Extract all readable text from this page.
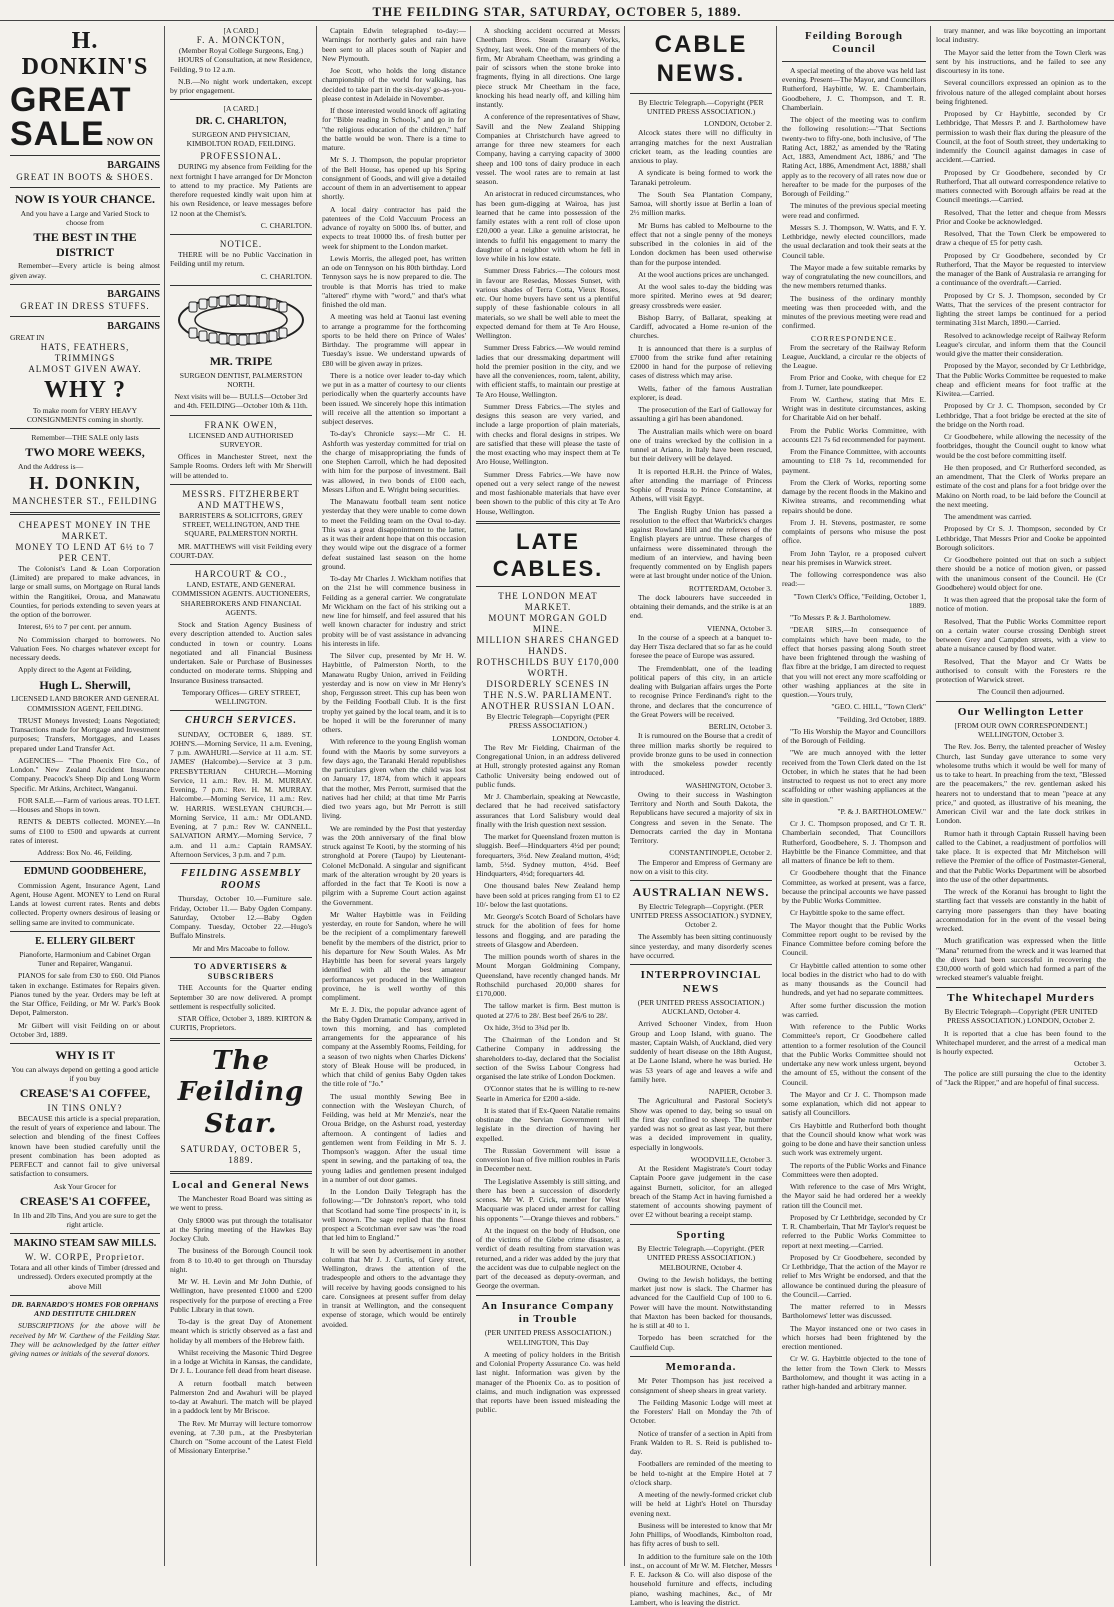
THE FEILDING STAR, SATURDAY, OCTOBER 5, 1889.
H. DONKIN'S
GREAT SALE NOW ON
BARGAINS
GREAT IN BOOTS & SHOES.
NOW IS YOUR CHANCE.

And you have a Large and Varied Stock to choose from

THE BEST IN THE DISTRICT

Remember—Every article is being almost given away.

BARGAINS
GREAT IN DRESS STUFFS.
BARGAINS
GREAT IN
HATS, FEATHERS, TRIMMINGS
ALMOST GIVEN AWAY.
WHY ?

To make room for VERY HEAVY CONSIGNMENTS coming in shortly.

Remember—THE SALE only lasts

TWO MORE WEEKS,

And the Address is—

H. DONKIN,
MANCHESTER ST., FEILDING
CHEAPEST MONEY IN THE MARKET.
MONEY TO LEND AT 6½ to 7 PER CENT.

The Colonist's Land & Loan Corporation (Limited) are prepared to make advances, in large or small sums, on Mortgage on Rural lands within the Rangitikei, Oroua, and Manawatu Counties, for periods extending to seven years at the option of the borrower.

Interest, 6½ to 7 per cent. per annum.

No Commission charged to borrowers. No Valuation Fees. No charges whatever except for necessary deeds.

Apply direct to the Agent at Feilding,

Hugh L. Sherwill,

LICENSED LAND BROKER AND GENERAL COMMISSION AGENT, FEILDING.

TRUST Moneys Invested; Loans Negotiated; Transactions made for Mortgage and Investment purposes; Transfers, Mortgages, and Leases prepared under Land Transfer Act.

AGENCIES— "The Phoenix Fire Co., of London." New Zealand Accident Insurance Company. Peacock's Sheep Dip and Long Worm Specific. Mr Atkins, Architect, Wanganui.

FOR SALE.—Farm of various areas. TO LET.—Houses and Shops in town.

RENTS & DEBTS collected. MONEY.—In sums of £100 to £500 and upwards at current rates of interest.

Address: Box No. 46, Feilding.

EDMUND GOODBEHERE,

Commission Agent, Insurance Agent, Land Agent, House Agent. MONEY to Lend on Rural Lands at lowest current rates. Rents and debts collected. Property owners desirous of leasing or selling same are invited to communicate.

E. ELLERY GILBERT

Pianoforte, Harmonium and Cabinet Organ Tuner and Repairer, Wanganui.

PIANOS for sale from £30 to £60. Old Pianos taken in exchange. Estimates for Repairs given. Pianos tuned by the year. Orders may be left at the Star Office, Feilding, or Mr W. Park's Book Depot, Palmerston.

Mr Gilbert will visit Feilding on or about October 3rd, 1889.

WHY IS IT

You can always depend on getting a good article if you buy

CREASE'S A1 COFFEE,
IN TINS ONLY?

BECAUSE this article is a special preparation, the result of years of experience and labour. The selection and blending of the finest Coffees known have been studied carefully until the present combination has been adopted as PERFECT and cannot fail to give universal satisfaction to consumers.

Ask Your Grocer for

CREASE'S A1 COFFEE,

In 1lb and 2lb Tins, And you are sure to get the right article.

MAKINO STEAM SAW MILLS.
W. W. CORPE, Proprietor.

Totara and all other kinds of Timber (dressed and undressed). Orders executed promptly at the above Mill

DR. BARNARDO'S HOMES FOR ORPHANS AND DESTITUTE CHILDREN

SUBSCRIPTIONS for the above will be received by Mr W. Carthew of the Feilding Star. They will be acknowledged by the latter either giving names or initials of the several donors.

[A CARD.]
F. A. MONCKTON,
(Member Royal College Surgeons, Eng.)

HOURS of Consultation, at new Residence, Feilding, 9 to 12 a.m.

N.B.—No night work undertaken, except by prior engagement.

[A CARD.]
DR. C. CHARLTON,

SURGEON AND PHYSICIAN, KIMBOLTON ROAD, FEILDING.

PROFESSIONAL.

DURING my absence from Feilding for the next fortnight I have arranged for Dr Moncton to attend to my practice. My Patients are therefore requested kindly wait upon him at his own Residence, or leave messages before 12 noon at the Chemist's.

C. CHARLTON.
NOTICE.

THERE will be no Public Vaccination in Feilding until my return.

C. CHARLTON.
MR. TRIPE

SURGEON DENTIST, PALMERSTON NORTH.

Next visits will be— BULLS—October 3rd and 4th. FEILDING—October 10th & 11th.

FRANK OWEN,

LICENSED AND AUTHORISED SURVEYOR.

Offices in Manchester Street, next the Sample Rooms. Orders left with Mr Sherwill will be attended to.

MESSRS. FITZHERBERT AND MATTHEWS,

BARRISTERS & SOLICITORS, GREY STREET, WELLINGTON, AND THE SQUARE, PALMERSTON NORTH.

MR. MATTHEWS will visit Feilding every COURT-DAY.

HARCOURT & CO.,

LAND, ESTATE, AND GENERAL COMMISSION AGENTS. AUCTIONEERS, SHAREBROKERS AND FINANCIAL AGENTS.

Stock and Station Agency Business of every description attended to. Auction sales conducted in town or country. Loans negotiated and all Financial Business undertaken. Sale or Purchase of Businesses conducted on moderate terms. Shipping and Insurance Business transacted.

Temporary Offices— GREY STREET, WELLINGTON.

CHURCH SERVICES.

SUNDAY, OCTOBER 6, 1889. ST. JOHN'S.—Morning Service, 11 a.m. Evening, 7 p.m. AWAHURI.—Service at 11 a.m. ST. JAMES' (Halcombe).—Service at 3 p.m. PRESBYTERIAN CHURCH.—Morning Service, 11 a.m.: Rev. H. M. MURRAY. Evening, 7 p.m.: Rev. H. M. MURRAY. Halcombe.—Morning Service, 11 a.m.: Rev. W. HARRIS. WESLEYAN CHURCH.—Morning Service, 11 a.m.: Mr ODLAND. Evening, at 7 p.m.: Rev W. CANNELL. SALVATION ARMY.—Morning Service, 7 a.m. and 11 a.m.: Captain RAMSAY. Afternoon Services, 3 p.m. and 7 p.m.

FEILDING ASSEMBLY ROOMS

Thursday, October 10.—Furniture sale. Friday, October 11.— Baby Ogden Company. Saturday, October 12.—Baby Ogden Company. Tuesday, October 22.—Hugo's Buffalo Minstrels.

Mr and Mrs Macoabe to follow.

TO ADVERTISERS & SUBSCRIBERS

THE Accounts for the Quarter ending September 30 are now delivered. A prompt settlement is respectfully solicited.

STAR Office, October 3, 1889. KIRTON & CURTIS, Proprietors.

The Feilding Star.
SATURDAY, OCTOBER 5, 1889.
Local and General News

The Manchester Road Board was sitting as we went to press.

Only £8000 was put through the totalisator at the Spring meeting of the Hawkes Bay Jockey Club.

The business of the Borough Council took from 8 to 10.40 to get through on Thursday night.

Mr W. H. Levin and Mr John Duthie, of Wellington, have presented £1000 and £200 respectively for the purpose of erecting a Free Public Library in that town.

To-day is the great Day of Atonement meant which is strictly observed as a fast and holiday by all members of the Hebrew faith.

Whilst receiving the Masonic Third Degree in a lodge at Wichita in Kansas, the candidate, Dr J. L. Lourance fell dead from heart disease.

A return football match between Palmerston 2nd and Awahuri will be played to-day at Awahuri. The match will be played in a paddock lent by Mr Briscoe.

The Rev. Mr Murray will lecture tomorrow evening, at 7.30 p.m., at the Presbyterian Church on "Some account of the Latest Field of Missionary Enterprise."

Captain Edwin telegraphed to-day:—Warnings for northerly gales and rain have been sent to all places south of Napier and New Plymouth.

Joe Scott, who holds the long distance championship of the world for walking, has decided to take part in the six-days' go-as-you-please contest in Adelaide in November.

If those interested would knock off agitating for "Bible reading in Schools," and go in for "the religious education of the children," half the battle would be won. There is a time to mature.

Mr S. J. Thompson, the popular proprietor of the Bell House, has opened up his Spring consignment of Goods, and will give a detailed account of them in an advertisement to appear shortly.

A local dairy contractor has paid the patentees of the Cold Vaccuum Process an advance of royalty on 5000 lbs. of butter, and expects to treat 10000 lbs. of fresh butter per week for shipment to the London market.

Lewis Morris, the alleged poet, has written an ode on Tennyson on his 80th birthday. Lord Tennyson says he is now prepared to die. The trouble is that Morris has tried to make "altered" rhyme with "word," and that's what finished the old man.

A meeting was held at Taonui last evening to arrange a programme for the forthcoming sports to be held there on Prince of Wales' Birthday. The programme will appear in Tuesday's issue. We understand upwards of £80 will be given away in prizes.

There is a notice over leader to-day which we put in as a matter of courtesy to our clients periodically when the quarterly accounts have been issued. We sincerely hope this intimation will receive all the attention so important a subject deserves.

To-day's Chronicle says:—Mr C. H. Ashforth was yesterday committed for trial on the charge of misappropriating the funds of one Stephen Carroll, which he had deposited with him for the purpose of investment. Bail was allowed, in two bonds of £100 each, Messrs Lifton and E. Wright being securities.

The Manawatu football team sent notice yesterday that they were unable to come down to meet the Feilding team on the Oval to-day. This was a great disappointment to the latter, as it was their ardent hope that on this occasion they would wipe out the disgrace of a former defeat sustained last season on the home ground.

To-day Mr Charles J. Wickham notifies that on the 21st he will commence business in Feilding as a general carrier. We congratulate Mr Wickham on the fact of his striking out a new line for himself, and feel assured that his well known character for industry and strict probity will be of vast assistance in advancing his interests in life.

The Silver cup, presented by Mr H. W. Haybittle, of Palmerston North, to the Manawatu Rugby Union, arrived in Feilding yesterday and is now on view in Mr Henry's shop, Fergusson street. This cup has been won by the Feilding Football Club. It is the first trophy yet gained by the local team, and it is to be hoped it will be the forerunner of many others.

With reference to the young English woman found with the Maoris by some surveyors a few days ago, the Taranaki Herald republishes the particulars given when the child was lost on January 17, 1874, from which it appears that the mother, Mrs Perrott, surmised that the natives had her child; at that time Mr Parris died two years ago, but Mr Perrott is still living.

We are reminded by the Post that yesterday was the 20th anniversary of the final blow struck against Te Kooti, by the storming of his stronghold at Porere (Taupo) by Lieutenant-Colonel McDonald. A singular and significant mark of the alteration wrought by 20 years is afforded in the fact that Te Kooti is now a pilgrim with a Supreme Court action against the Government.

Mr Walter Haybittle was in Feilding yesterday, en route for Sandon, where he will be the recipient of a complimentary farewell benefit by the members of the district, prior to his departure for New South Wales. As Mr Haybittle has been for several years largely identified with all the best amateur performances yet produced in the Wellington province, he is well worthy of this compliment.

Mr E. J. Dix, the popular advance agent of the Baby Ogden Dramatic Company, arrived in town this morning, and has completed arrangements for the appearance of his company at the Assembly Rooms, Feilding, for a season of two nights when Charles Dickens' story of Bleak House will be produced, in which that child of genius Baby Ogden takes the title role of "Jo."

The usual monthly Sewing Bee in connection with the Wesleyan Church, of Feilding, was held at Mr Menzie's, near the Oroua Bridge, on the Ashurst road, yesterday afternoon. A contingent of ladies and gentlemen went from Feilding in Mr S. J. Thompson's waggon. After the usual time spent in sewing, and the partaking of tea, the young ladies and gentlemen present indulged in a number of out door games.

In the London Daily Telegraph has the following:—"Dr Johnston's report, who told that Scotland had some 'fine prospects' in it, is well known. The sage replied that the finest prospect a Scotchman ever saw was 'the road that led him to England.'"

It will be seen by advertisement in another column that Mr J. J. Curtis, of Grey street, Wellington, draws the attention of the tradespeople and others to the advantage they will receive by having goods consigned to his care. Consignees at present suffer from delay in transit at Wellington, and the consequent expense of storage, which would be entirely avoided.

A shocking accident occurred at Messrs Cheetham Bros. Steam Granary Works, Sydney, last week. One of the members of the firm, Mr Abraham Cheetham, was grinding a pair of scissors when the stone broke into fragments, flying in all directions. One large piece struck Mr Cheetham in the face, knocking his head nearly off, and killing him instantly.

A conference of the representatives of Shaw, Savill and the New Zealand Shipping Companies at Christchurch have agreed to arrange for three new steamers for each Company, having a carrying capacity of 3000 sheep and 100 tons of dairy produce in each vessel. The wool rates are to remain at last season.

An aristocrat in reduced circumstances, who has been gum-digging at Wairoa, has just learned that he came into possession of the family estates with a rent roll of close upon £20,000 a year. Like a genuine aristocrat, he intends to fulfil his engagement to marry the daughter of a neighbor with whom he fell in love while in his low estate.

Summer Dress Fabrics.—The colours most in favour are Resedas, Mosses Sunset, with various shades of Terra Cotta, Vieux Roses, etc. Our home buyers have sent us a plentiful supply of these fashionable colours in all materials, so we shall be well able to meet the expected demand for them at Te Aro House, Wellington.

Summer Dress Fabrics.—We would remind ladies that our dressmaking department will hold the premier position in the city, and we have all the conveniences, room, talent, ability, with efficient staffs, to maintain our prestige at Te Aro House, Wellington.

Summer Dress Fabrics.—The styles and designs this season are very varied, and include a large proportion of plain materials, with checks and floral designs in stripes. We are satisfied that these will please the taste of the most exacting who may inspect them at Te Aro House, Wellington.

Summer Dress Fabrics.—We have now opened out a very select range of the newest and most fashionable materials that have ever been shown to the public of this city at Te Aro House, Wellington.

LATE CABLES.
THE LONDON MEAT MARKET.
MOUNT MORGAN GOLD MINE.
MILLION SHARES CHANGED HANDS.
ROTHSCHILDS BUY £170,000 WORTH.
DISORDERLY SCENES IN THE N.S.W. PARLIAMENT.
ANOTHER RUSSIAN LOAN.

By Electric Telegraph—Copyright (PER PRESS ASSOCIATION.)

LONDON, October 4.

The Rev Mr Fielding, Chairman of the Congregational Union, in an address delivered at Hull, strongly protested against any Roman Catholic University being endowed out of public funds.

Mr J. Chamberlain, speaking at Newcastle, declared that he had received satisfactory assurances that Lord Salisbury would deal finally with the Irish question next session.

The market for Queensland frozen mutton is sluggish. Beef—Hindquarters 4½d per pound; forequarters, 3½d. New Zealand mutton, 4½d; lamb, 5½d. Sydney mutton, 4½d. Beef Hindquarters, 4½d; forequarters 4d.

One thousand bales New Zealand hemp have been sold at prices ranging from £1 to £2 10/- below the last quotations.

Mr. George's Scotch Board of Scholars have struck for the abolition of fees for home lessons and flogging, and are parading the streets of Glasgow and Aberdeen.

The million pounds worth of shares in the Mount Morgan Goldmining Company, Queensland, have recently changed hands. Mr Rothschild purchased 20,000 shares for £170,000.

The tallow market is firm. Best mutton is quoted at 27/6 to 28/. Best beef 26/6 to 28/.

Ox hide, 3½d to 3¾d per lb.

The Chairman of the London and St Catherine Company in addressing the shareholders to-day, declared that the Socialist section of the Swiss Labour Congress had organised the late strike of London Dockmen.

O'Connor states that he is willing to re-new Searle in America for £200 a-side.

It is stated that if Ex-Queen Natalie remains obstinate the Servian Government will legislate in the direction of having her expelled.

The Russian Government will issue a conversion loan of five million roubles in Paris in December next.

The Legislative Assembly is still sitting, and there has been a succession of disorderly scenes. Mr W. P. Crick, member for West Macquarie was placed under arrest for calling his opponents "—Orange thieves and robbers."

At the inquest on the body of Hudson, one of the victims of the Glebe crime disaster, a verdict of death resulting from starvation was returned, and a rider was added by the jury that the accident was due to culpable neglect on the part of the deceased as deputy-overman, and George the overman.

An Insurance Company in Trouble

(PER UNITED PRESS ASSOCIATION.) WELLINGTON, This Day

A meeting of policy holders in the British and Colonial Property Assurance Co. was held last night. Information was given by the manager of the Phoenix Co. as to position of claims, and much indignation was expressed that reports have been issued misleading the public.

CABLE NEWS.

By Electric Telegraph.—Copyright (PER UNITED PRESS ASSOCIATION.)

LONDON, October 2.

Alcock states there will no difficulty in arranging matches for the next Australian cricket team, as the leading counties are anxious to play.

A syndicate is being formed to work the Taranaki petroleum.

The South Sea Plantation Company, Samoa, will shortly issue at Berlin a loan of 2½ million marks.

Mr Burns has cabled to Melbourne to the effect that not a single penny of the moneys subscribed in the colonies in aid of the London dockmen has been used otherwise than for the purpose intended.

At the wool auctions prices are unchanged.

At the wool sales to-day the bidding was more spirited. Merino ewes at 9d dearer; greasy crossbreds were easier.

Bishop Barry, of Ballarat, speaking at Cardiff, advocated a Home re-union of the churches.

It is announced that there is a surplus of £7000 from the strike fund after retaining £2000 in hand for the purpose of relieving cases of distress which may arise.

Wells, father of the famous Australian explorer, is dead.

The prosecution of the Earl of Galloway for assaulting a girl has been abandoned.

The Australian mails which were on board one of trains wrecked by the collision in a tunnel at Ariano, in Italy have been rescued, but their delivery will be delayed.

It is reported H.R.H. the Prince of Wales, after attending the marriage of Princess Sophie of Prussia to Prince Constantine, at Athens, will visit Egypt.

The English Rugby Union has passed a resolution to the effect that Warbrick's charges against Rowland Hill and the referees of the English players are untrue. These charges of unfairness were disseminated through the medium of an interview, and having been frequently commented on by English papers were at last brought under notice of the Union.

ROTTERDAM, October 3.

The dock labourers have succeeded in obtaining their demands, and the strike is at an end.

VIENNA, October 3.

In the course of a speech at a banquet to-day Herr Tisza declared that so far as he could foresee the peace of Europe was assured.

The Fremdenblatt, one of the leading political papers of this city, in an article dealing with Bulgarian affairs urges the Porte to recognise Prince Ferdinand's right to the throne, and declares that the concurrence of the Great Powers will be received.

BERLIN, October 3.

It is rumoured on the Bourse that a credit of three million marks shortly be required to provide bronze guns to be used in connection with the smokeless powder recently introduced.

WASHINGTON, October 3.

Owing to their success in Washington Territory and North and South Dakota, the Republicans have secured a majority of six in Congress and seven in the Senate. The Democrats carried the day in Montana Territory.

CONSTANTINOPLE, October 2.

The Emperor and Empress of Germany are now on a visit to this city.

AUSTRALIAN NEWS.

By Electric Telegraph—Copyright. (PER UNITED PRESS ASSOCIATION.) SYDNEY, October 2.

The Assembly has been sitting continuously since yesterday, and many disorderly scenes have occurred.

INTERPROVINCIAL NEWS

(PER UNITED PRESS ASSOCIATION.) AUCKLAND, October 4.

Arrived Schooner Vindex, from Huon Group and Loop Island, with guano. The master, Captain Walsh, of Auckland, died very suddenly of heart disease on the 18th August, at De Laone Island, where he was buried. He was 53 years of age and leaves a wife and family here.

NAPIER, October 3.

The Agricultural and Pastoral Society's Show was opened to day, being so usual on the first day confined to sheep. The number yarded was not so great as last year, but there was a decided improvement in quality, especially in longwools.

WOODVILLE, October 3.

At the Resident Magistrate's Court today Captain Poore gave judgement in the case against Burnett, solicitor, for an alleged breach of the Stamp Act in having furnished a statement of accounts showing payment of over £2 without bearing a receipt stamp.

Sporting

By Electric Telegraph.—Copyright. (PER UNITED PRESS ASSOCIATION.) MELBOURNE, October 4.

Owing to the Jewish holidays, the betting market just now is slack. The Charmer has advanced for the Caulfield Cup of 100 to 6. Power will have the mount. Notwithstanding that Maxton has been backed for thousands, he is still at 40 to 1.

Torpedo has been scratched for the Caulfield Cup.

Memoranda.

Mr Peter Thompson has just received a consignment of sheep shears in great variety.

The Feilding Masonic Lodge will meet at the Foresters' Hall on Monday the 7th of October.

Notice of transfer of a section in Apiti from Frank Walden to R. S. Reid is published to-day.

Footballers are reminded of the meeting to be held to-night at the Empire Hotel at 7 o'clock sharp.

A meeting of the newly-formed cricket club will be held at Light's Hotel on Thursday evening next.

Business will be interested to know that Mr John Phillips, of Woodlands, Kimbolton road, has fifty acres of bush to sell.

In addition to the furniture sale on the 10th inst., on account of Mr W. M. Fletcher, Messrs F. E. Jackson & Co. will also dispose of the household furniture and effects, including piano, washing machines, &c., of Mr Lambert, who is leaving the district.

Feilding Borough Council

A special meeting of the above was held last evening. Present—The Mayor, and Councillors Rutherford, Haybittle, W. E. Chamberlain, Goodbehere, J. C. Thompson, and T. R. Chamberlain.

The object of the meeting was to confirm the following resolution:—"That Sections twenty-two to fifty-one, both inclusive, of 'The Rating Act, 1882,' as amended by the 'Rating Act, 1883, Amendment Act, 1886,' and 'The Rating Act, 1886, Amendment Act, 1888,' shall apply as to the recovery of all rates now due or hereafter to be made for the purposes of the Borough of Feilding."

The minutes of the previous special meeting were read and confirmed.

Messrs S. J. Thompson, W. Watts, and F. Y. Lethbridge, newly elected councillors, made the usual declaration and took their seats at the Council table.

The Mayor made a few suitable remarks by way of congratulating the new councillors, and the new members returned thanks.

The business of the ordinary monthly meeting was then proceeded with, and the minutes of the previous meeting were read and confirmed.

CORRESPONDENCE.

From the secretary of the Railway Reform League, Auckland, a circular re the objects of the League.

From Prior and Cooke, with cheque for £2 from J. Turner, late poundkeeper.

From W. Carthew, stating that Mrs E. Wright was in destitute circumstances, asking for Charitable Aid on her behalf.

From the Public Works Committee, with accounts £21 7s 6d recommended for payment.

From the Finance Committee, with accounts amounting to £18 7s 1d, recommended for payment.

From the Clerk of Works, reporting some damage by the recent floods in the Makino and Kiwitea streams, and recommending what repairs should be done.

From J. H. Stevens, postmaster, re some complaints of persons who misuse the post office.

From John Taylor, re a proposed culvert near his premises in Warwick street.

The following correspondence was also read:—

"Town Clerk's Office, "Feilding, October 1, 1889.

"To Messrs P. & J. Bartholomew.

"DEAR SIRS,—In consequence of complaints which have been made, to the effect that horses passing along South street have been frightened through the washing of flax fibre at the bridge, I am directed to request that you will not erect any more scaffolding or other washing appliances at the site in question.—Yours truly,

"GEO. C. HILL, "Town Clerk"

"Feilding, 3rd October, 1889.

"To His Worship the Mayor and Councillors of the Borough of Feilding.

"We are much annoyed with the letter received from the Town Clerk dated on the 1st October, in which he states that he had been instructed to request us not to erect any more scaffolding or other washing appliances at the site in question."

"P. & J. BARTHOLOMEW."

Cr J. C. Thompson proposed, and Cr T. R. Chamberlain seconded, That Councillors Rutherford, Goodbehere, S. J. Thompson and Haybittle be the Finance Committee, and that all matters of finance be left to them.

Cr Goodbehere thought that the Finance Committee, as worked at present, was a farce, because the principal accounts we have passed by the Public Works Committee.

Cr Haybittle spoke to the same effect.

The Mayor thought that the Public Works Committee report ought to be revised by the Finance Committee before coming before the Council.

Cr Haybittle called attention to some other local bodies in the district who had to do with as many thousands as the Council had hundreds, and yet had no separate committees.

After some further discussion the motion was carried.

With reference to the Public Works Committee's report, Cr Goodbehere called attention to a former resolution of the Council that the Public Works Committee should not undertake any new work unless urgent, beyond the amount of £5, without the consent of the Council.

The Mayor and Cr J. C. Thompson made some explanation, which did not appear to satisfy all Councillors.

Crs Haybittle and Rutherford both thought that the Council should know what work was going to be done and have their sanction unless such work was extremely urgent.

The reports of the Public Works and Finance Committees were then adopted.

With reference to the case of Mrs Wright, the Mayor said he had ordered her a weekly ration till the Council met.

Proposed by Cr Lethbridge, seconded by Cr T. R. Chamberlain, That Mr Taylor's request be referred to the Public Works Committee to report at next meeting.—Carried.

Proposed by Cr Goodbehere, seconded by Cr Lethbridge, That the action of the Mayor re relief to Mrs Wright be endorsed, and that the allowance be continued during the pleasure of the Council.—Carried.

The matter referred to in Messrs Bartholomews' letter was discussed.

The Mayor instanced one or two cases in which horses had been frightened by the erection mentioned.

Cr W. G. Haybittle objected to the tone of the letter from the Town Clerk to Messrs Bartholomew, and thought it was acting in a rather high-handed and arbitrary manner.

trary manner, and was like boycotting an important local industry.

The Mayor said the letter from the Town Clerk was sent by his instructions, and he failed to see any discourtesy in its tone.

Several councillors expressed an opinion as to the frivolous nature of the alleged complaint about horses being frightened.

Proposed by Cr Haybittle, seconded by Cr Lethbridge, That Messrs P. and J. Bartholomew have permission to wash their flax during the pleasure of the Council, at the foot of South street, they undertaking to indemnify the Council against damages in case of accident.—Carried.

Proposed by Cr Goodbehere, seconded by Cr Rutherford, That all outward correspondence relative to matters connected with Borough affairs be read at the Council meetings.—Carried.

Resolved, That the letter and cheque from Messrs Prior and Cooke be acknowledged.

Resolved, That the Town Clerk be empowered to draw a cheque of £5 for petty cash.

Proposed by Cr Goodbehere, seconded by Cr Rutherford, That the Mayor be requested to interview the manager of the Bank of Australasia re arranging for a continuance of the overdraft.—Carried.

Proposed by Cr S. J. Thompson, seconded by Cr Watts, That the services of the present contractor for lighting the street lamps be continued for a period terminating 31st March, 1890.—Carried.

Resolved to acknowledge receipt of Railway Reform League's circular, and inform them that the Council would give the matter their consideration.

Proposed by the Mayor, seconded by Cr Lethbridge, That the Public Works Committee be requested to make cheap and efficient means for foot traffic at the Kiwitea.—Carried.

Proposed by Cr J. C. Thompson, seconded by Cr Lethbridge, That a foot bridge be erected at the site of the bridge on the North road.

Cr Goodbehere, while allowing the necessity of the footbridges, thought the Council ought to know what would be the cost before committing itself.

He then proposed, and Cr Rutherford seconded, as an amendment, That the Clerk of Works prepare an estimate of the cost and plans for a foot bridge over the Makino on North road, to be laid before the Council at the next meeting.

The amendment was carried.

Proposed by Cr S. J. Thompson, seconded by Cr Lethbridge, That Messrs Prior and Cooke be appointed Borough solicitors.

Cr Goodbehere pointed out that on such a subject there should be a notice of motion given, or passed with the unanimous consent of the Council. He (Cr Goodbehere) would object for one.

It was then agreed that the proposal take the form of notice of motion.

Resolved, That the Public Works Committee report on a certain water course crossing Denbigh street between Grey and Campden streets, with a view to abate a nuisance caused by flood water.

Resolved, That the Mayor and Cr Watts be authorised to consult with the Foresters re the protection of Warwick street.

The Council then adjourned.

Our Wellington Letter

[FROM OUR OWN CORRESPONDENT.] WELLINGTON, October 3.

The Rev. Jos. Berry, the talented preacher of Wesley Church, last Sunday gave utterance to some very wholesome truths which it would be well for many of us to take to heart. In preaching from the text, "Blessed are the peacemakers," the rev. gentleman asked his hearers not to understand that to mean "peace at any price," and quoted, as illustrative of his meaning, the American Civil war and the late dock strikes in London.

Rumor hath it through Captain Russell having been called to the Cabinet, a readjustment of portfolios will take place. It is expected that Mr Mitchelson will relieve the Premier of the office of Postmaster-General, and that the Public Works Department will be absorbed into the use of the other departments.

The wreck of the Koranui has brought to light the startling fact that vessels are constantly in the habit of carrying more passengers than they have boating accommodation for in the event of the vessel being wrecked.

Much gratification was expressed when the little "Mana" returned from the wreck and it was learned that the divers had been successful in recovering the £30,000 worth of gold which had formed a part of the wrecked steamer's valuable freight.

The Whitechapel Murders

By Electric Telegraph—Copyright (PER UNITED PRESS ASSOCIATION.) LONDON, October 2.

It is reported that a clue has been found to the Whitechapel murderer, and the arrest of a medical man is hourly expected.

October 3.

The police are still pursuing the clue to the identity of "Jack the Ripper," and are hopeful of final success.
